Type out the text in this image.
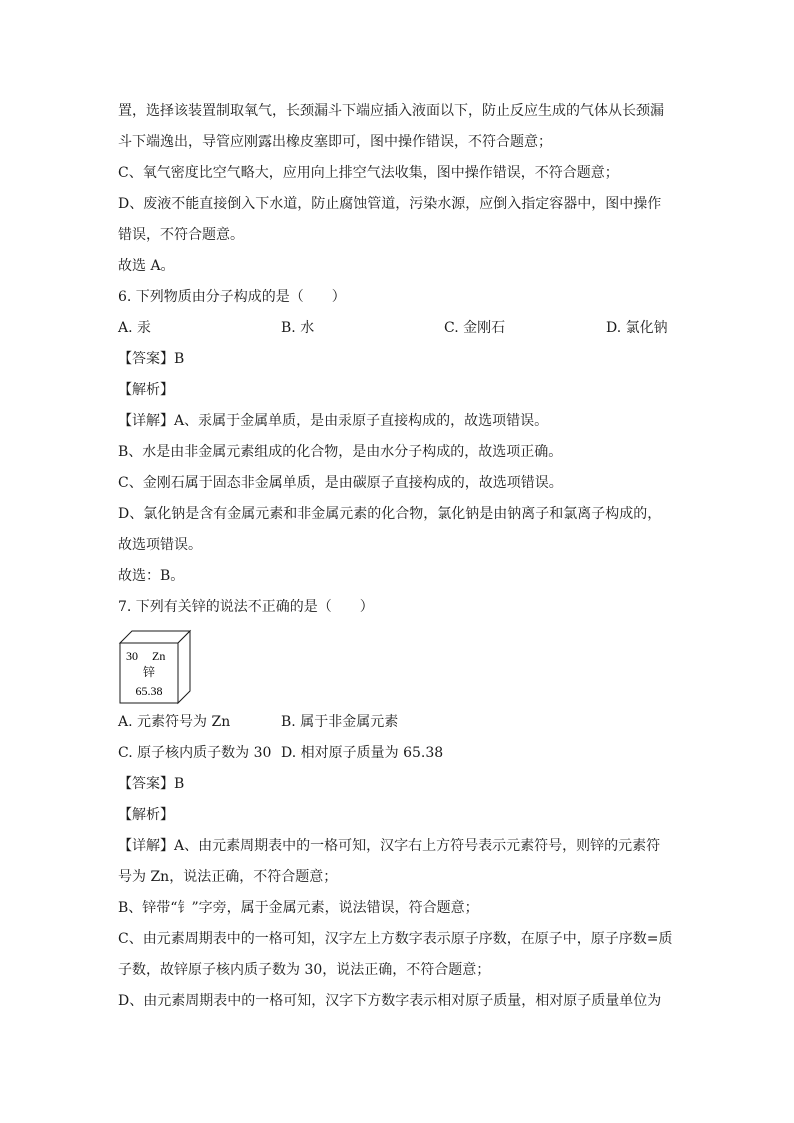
置，选择该装置制取氧气，长颈漏斗下端应插入液面以下，防止反应生成的气体从长颈漏
斗下端逸出，导管应刚露出橡皮塞即可，图中操作错误，不符合题意；
C、氧气密度比空气略大，应用向上排空气法收集，图中操作错误，不符合题意；
D、废液不能直接倒入下水道，防止腐蚀管道，污染水源，应倒入指定容器中，图中操作
错误，不符合题意。
故选 A。
6. 下列物质由分子构成的是（　　）
A. 汞	B. 水	C. 金刚石	D. 氯化钠
【答案】B
【解析】
【详解】A、汞属于金属单质，是由汞原子直接构成的，故选项错误。
B、水是由非金属元素组成的化合物，是由水分子构成的，故选项正确。
C、金刚石属于固态非金属单质，是由碳原子直接构成的，故选项错误。
D、氯化钠是含有金属元素和非金属元素的化合物，氯化钠是由钠离子和氯离子构成的，
故选项错误。
故选：B。
7. 下列有关锌的说法不正确的是（　　）
30 Zn
锌
65.38
A. 元素符号为 Zn	B. 属于非金属元素
C. 原子核内质子数为 30 D. 相对原子质量为 65.38
【答案】B
【解析】
【详解】A、由元素周期表中的一格可知，汉字右上方符号表示元素符号，则锌的元素符
号为 Zn，说法正确，不符合题意；
B、锌带“钅”字旁，属于金属元素，说法错误，符合题意；
C、由元素周期表中的一格可知，汉字左上方数字表示原子序数，在原子中，原子序数=质
子数，故锌原子核内质子数为 30，说法正确，不符合题意；
D、由元素周期表中的一格可知，汉字下方数字表示相对原子质量，相对原子质量单位为
